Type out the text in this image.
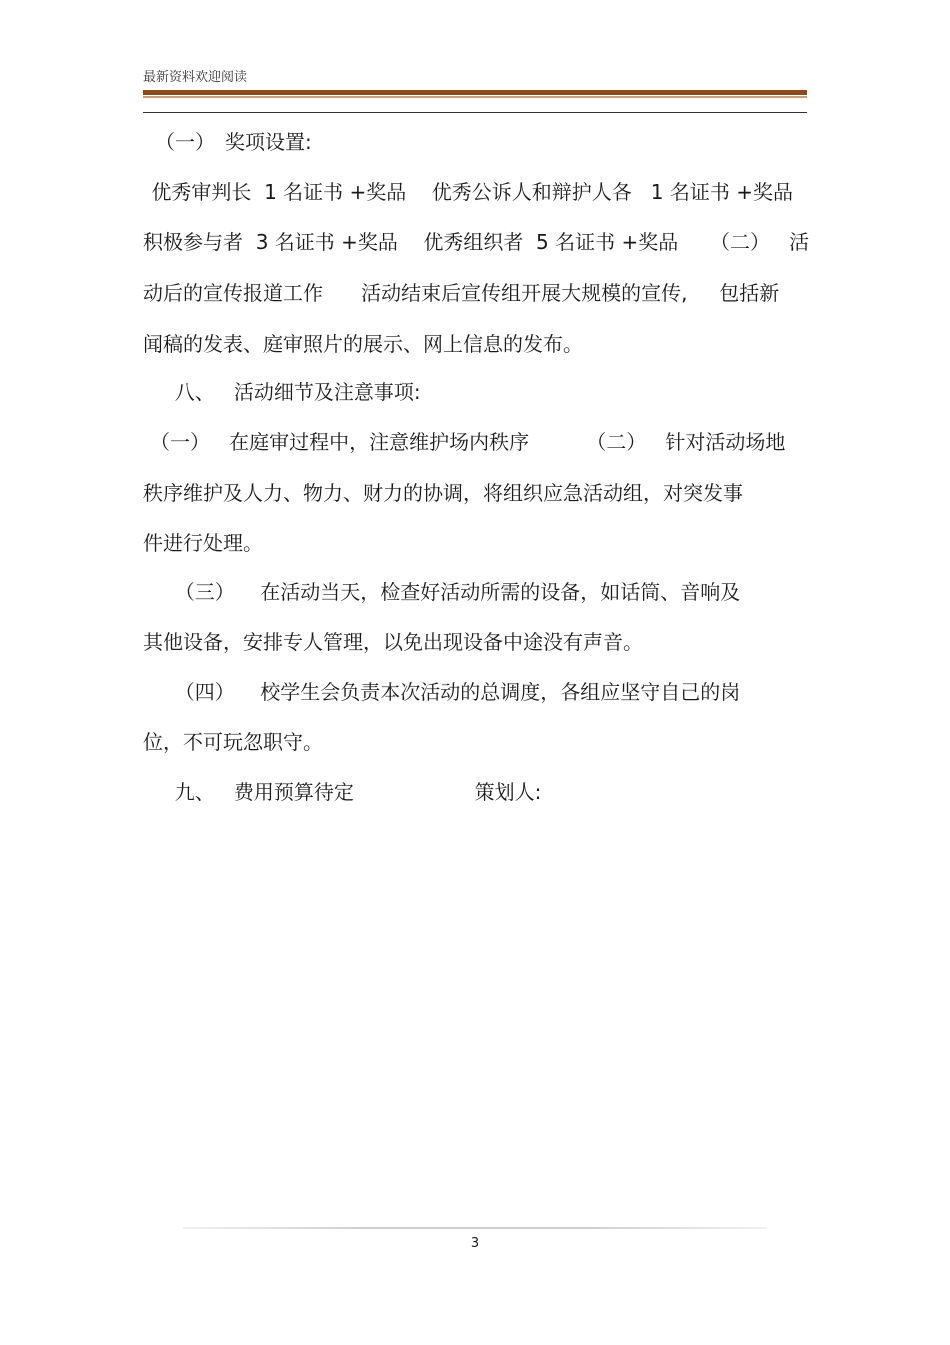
最新资料欢迎阅读
（一）　奖项设置:
优秀审判长  1 名证书 +奖品    优秀公诉人和辩护人各   1 名证书 +奖品
积极参与者  3 名证书 +奖品    优秀组织者  5 名证书 +奖品     （二）   活
动后的宣传报道工作      活动结束后宣传组开展大规模的宣传,     包括新
闻稿的发表、庭审照片的展示、网上信息的发布。
八、   活动细节及注意事项:
（一）   在庭审过程中，注意维护场内秩序         （二）   针对活动场地
秩序维护及人力、物力、财力的协调，将组织应急活动组，对突发事
件进行处理。
（三）    在活动当天，检查好活动所需的设备，如话筒、音响及
其他设备，安排专人管理，以免出现设备中途没有声音。
（四）    校学生会负责本次活动的总调度，各组应坚守自己的岗
位，不可玩忽职守。
九、   费用预算待定                   策划人:
3
